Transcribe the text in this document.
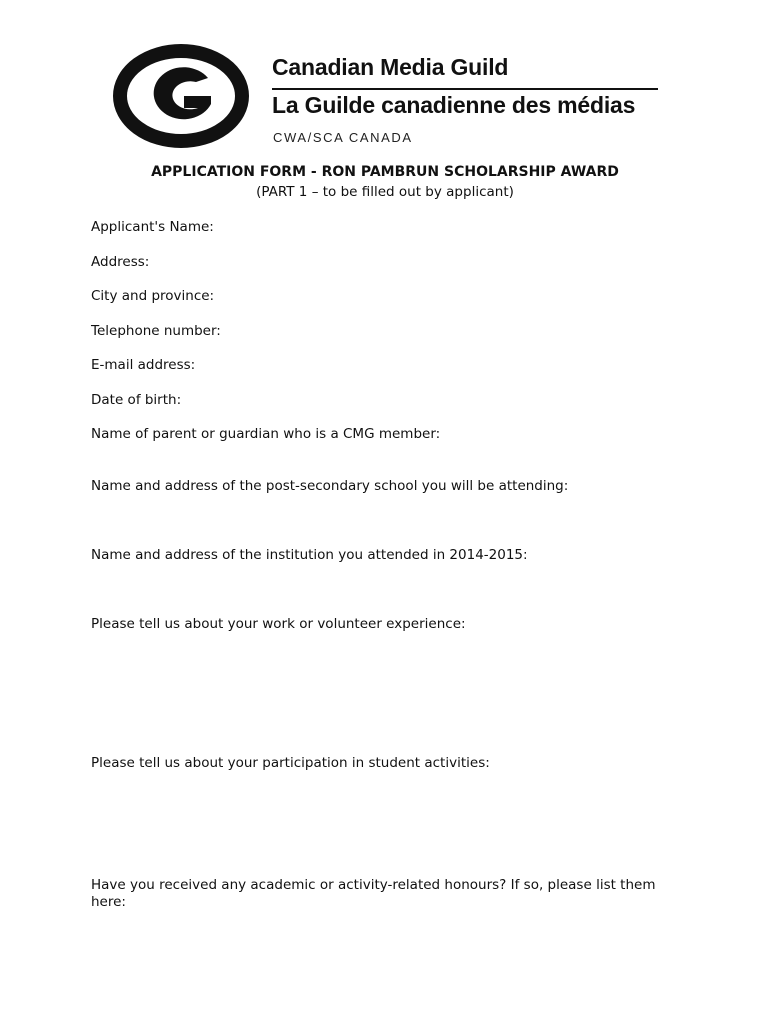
Canadian Media Guild
La Guilde canadienne des médias
CWA/SCA CANADA
APPLICATION FORM - RON PAMBRUN SCHOLARSHIP AWARD
(PART 1 – to be filled out by applicant)
Applicant's Name:
Address:
City and province:
Telephone number:
E-mail address:
Date of birth:
Name of parent or guardian who is a CMG member:
Name and address of the post-secondary school you will be attending:
Name and address of the institution you attended in 2014-2015:
Please tell us about your work or volunteer experience:
Please tell us about your participation in student activities:
Have you received any academic or activity-related honours? If so, please list them here:
